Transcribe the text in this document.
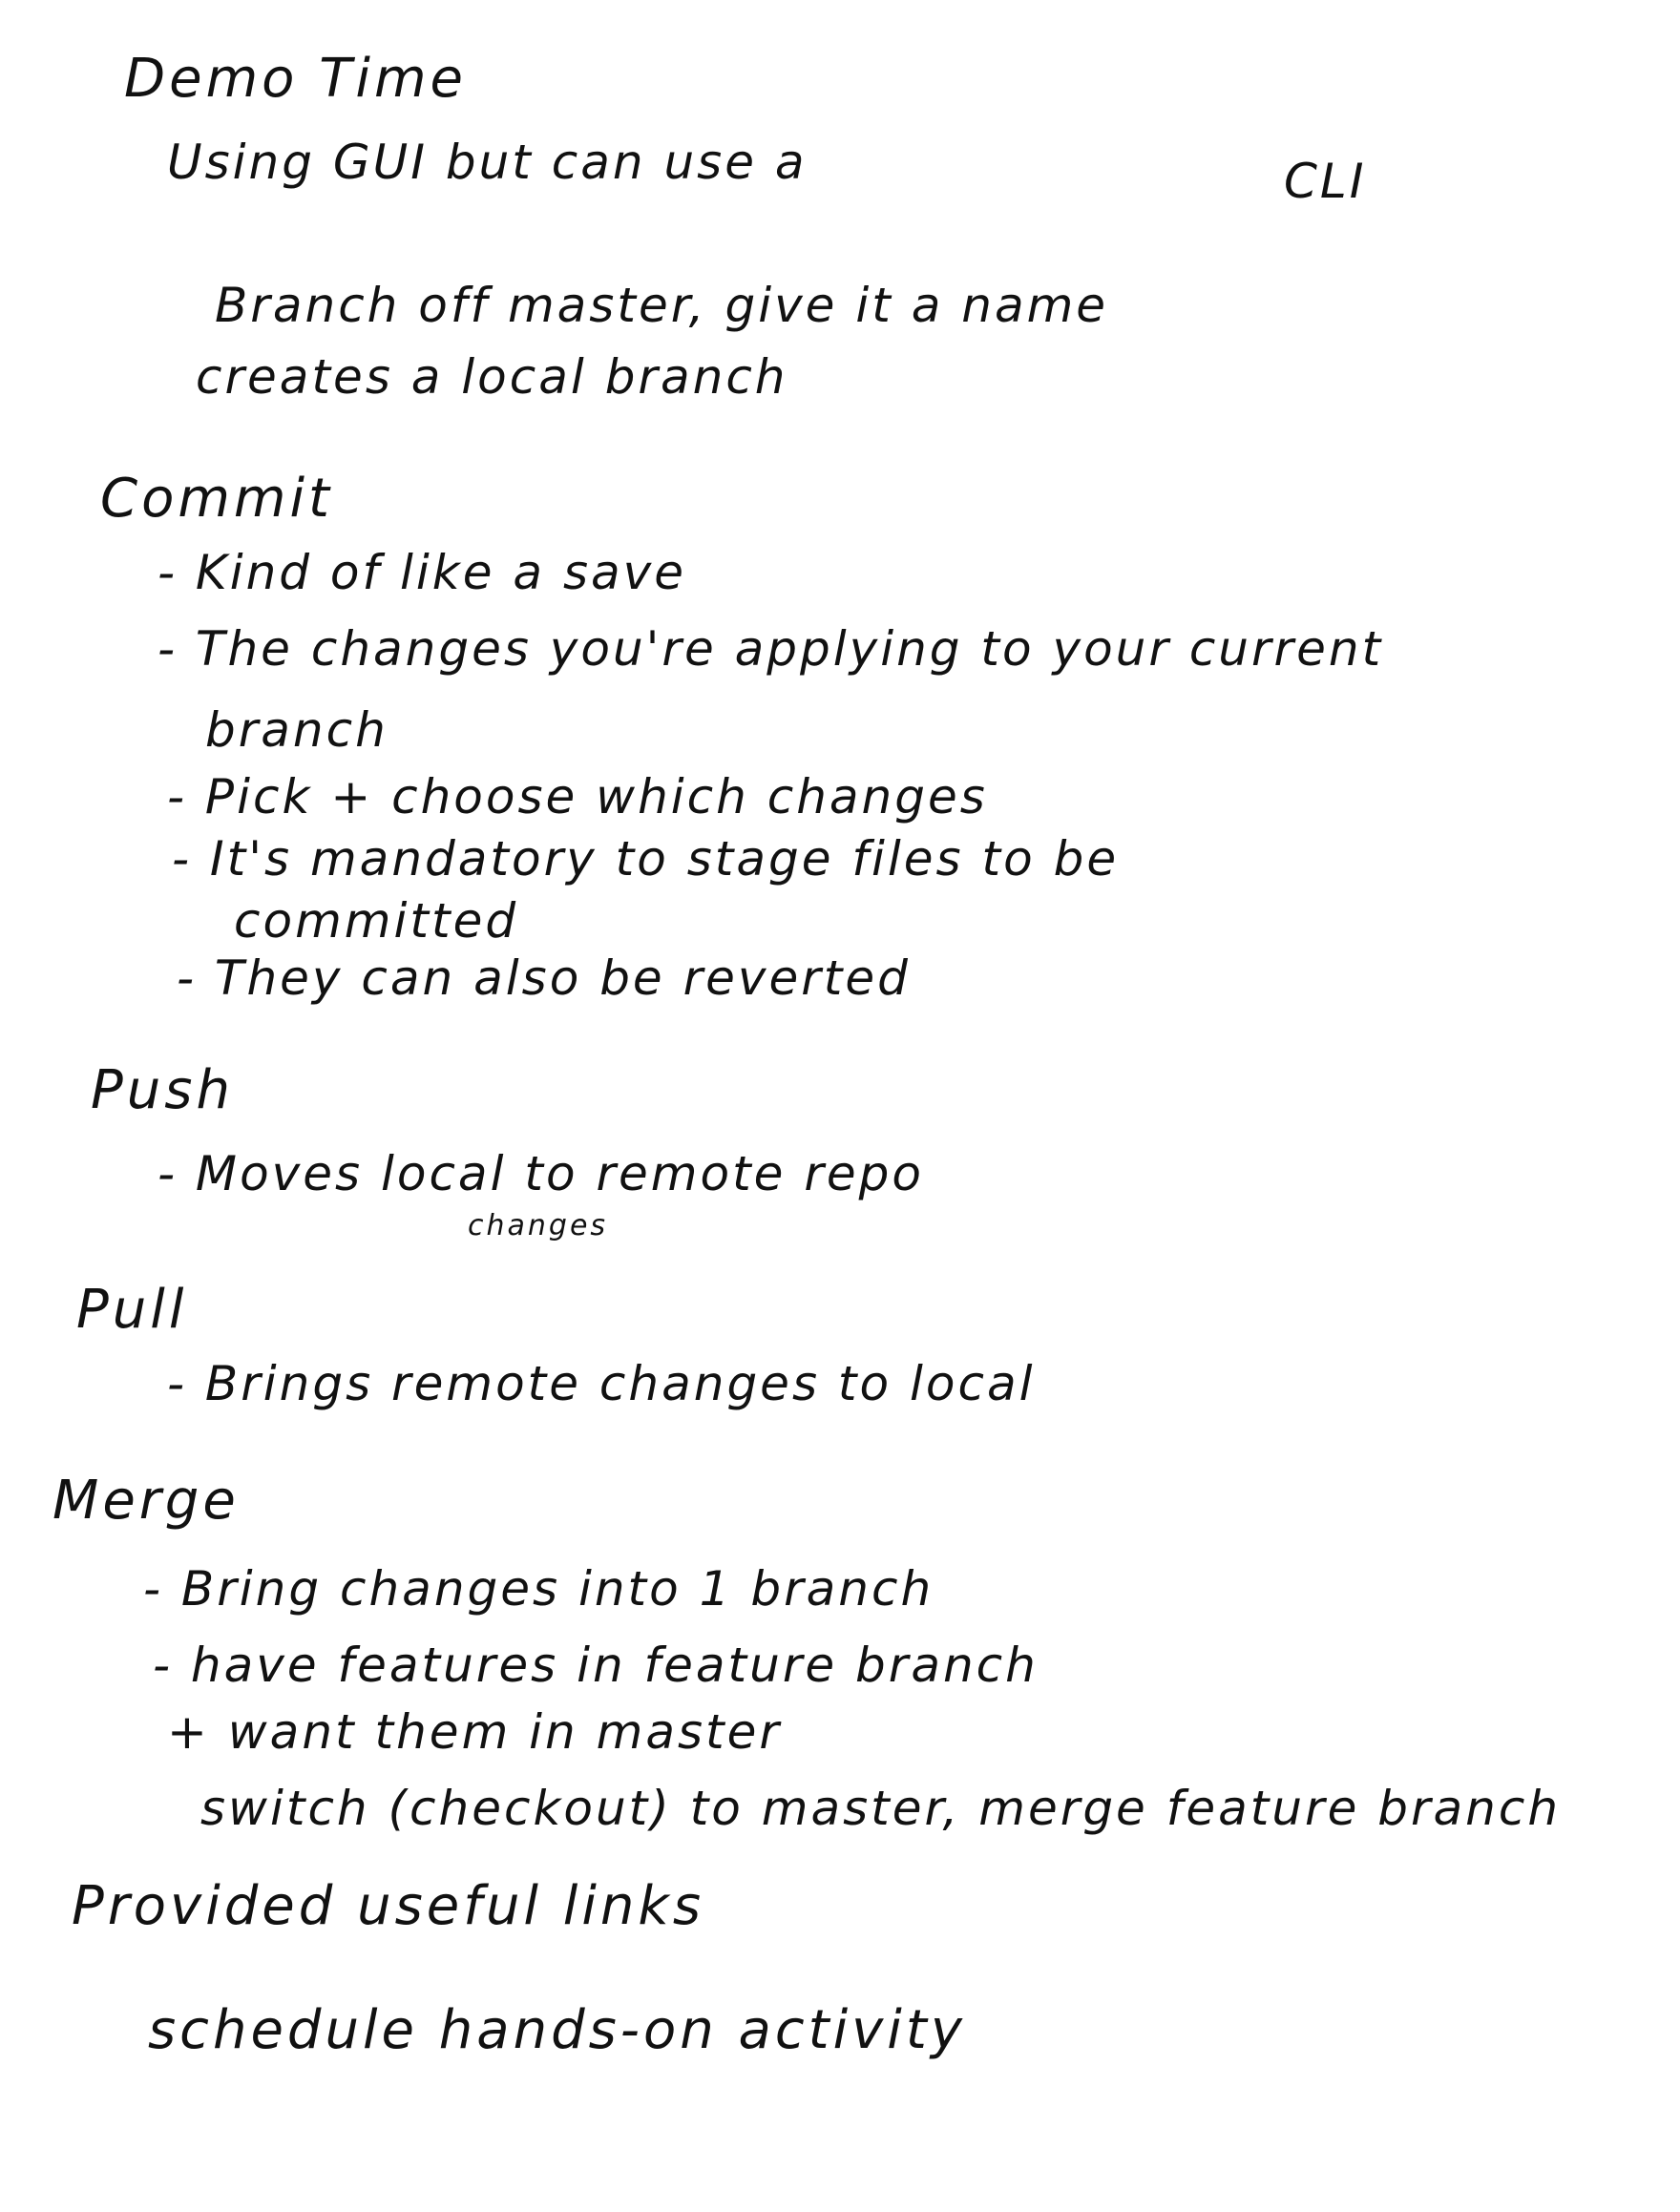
Demo Time
Using GUI but can use a	CLI
Branch off master, give it a name
creates a local branch
Commit
- Kind of like a save
- The changes you're applying to your current
branch
- Pick + choose which changes
- It's mandatory to stage files to be
committed
- They can also be reverted
Push
- Moves local to remote repo
changes
Pull
- Brings remote changes to local
Merge
- Bring changes into 1 branch
- have features in feature branch
+ want them in master
switch (checkout) to master, merge feature branch
Provided useful links
schedule hands-on activity
